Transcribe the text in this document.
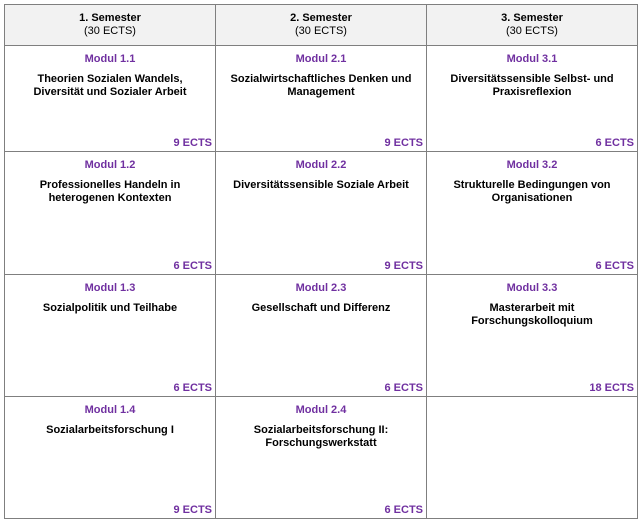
1. Semester
(30 ECTS)	2. Semester
(30 ECTS)	3. Semester
(30 ECTS)

Modul 1.1
Theorien Sozialen Wandels, Diversität und Sozialer Arbeit
9 ECTS	Modul 2.1
Sozialwirtschaftliches Denken und Management
9 ECTS	Modul 3.1
Diversitätssensible Selbst- und Praxisreflexion
6 ECTS

Modul 1.2
Professionelles Handeln in heterogenen Kontexten
6 ECTS	Modul 2.2
Diversitätssensible Soziale Arbeit
9 ECTS	Modul 3.2
Strukturelle Bedingungen von Organisationen
6 ECTS

Modul 1.3
Sozialpolitik und Teilhabe
6 ECTS	Modul 2.3
Gesellschaft und Differenz
6 ECTS	Modul 3.3
Masterarbeit mit Forschungskolloquium
18 ECTS

Modul 1.4
Sozialarbeitsforschung I
9 ECTS	Modul 2.4
Sozialarbeitsforschung II: Forschungswerkstatt
6 ECTS	
